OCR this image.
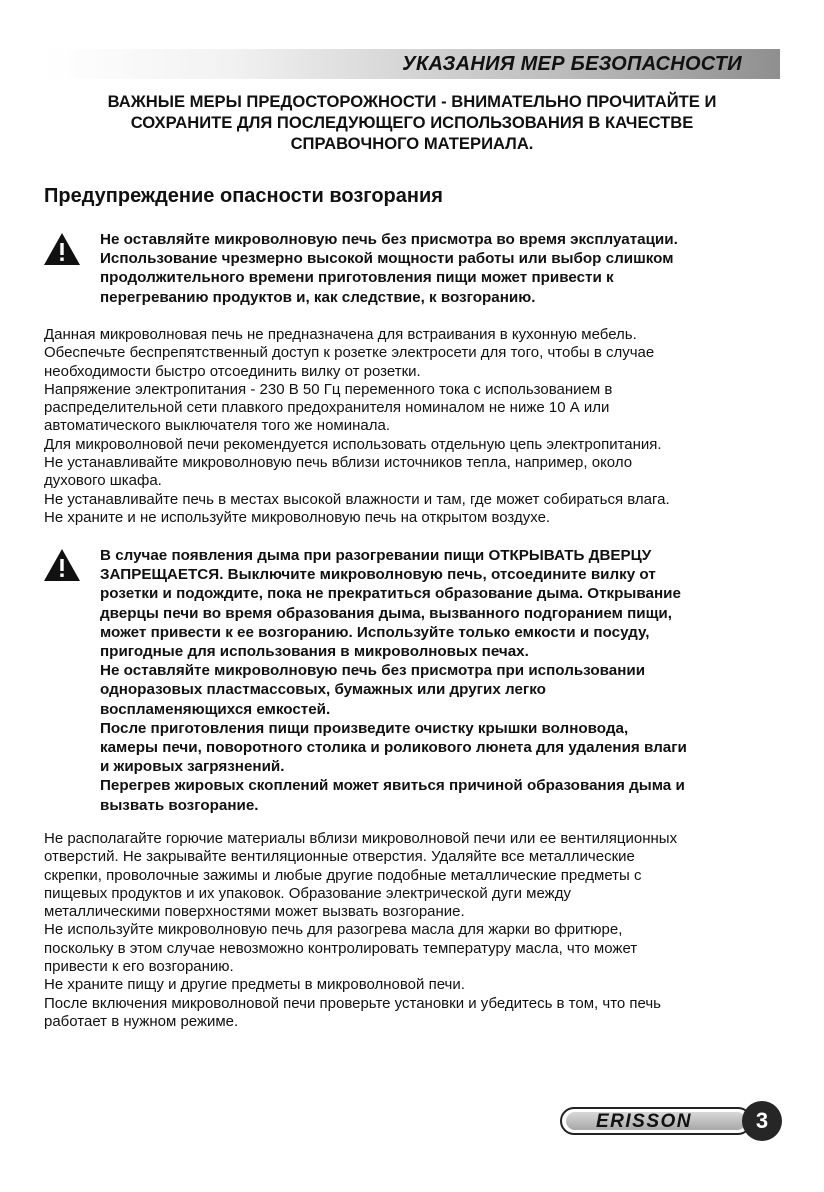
УКАЗАНИЯ МЕР БЕЗОПАСНОСТИ

ВАЖНЫЕ МЕРЫ ПРЕДОСТОРОЖНОСТИ - ВНИМАТЕЛЬНО ПРОЧИТАЙТЕ И

СОХРАНИТЕ ДЛЯ ПОСЛЕДУЮЩЕГО ИСПОЛЬЗОВАНИЯ В КАЧЕСТВЕ

СПРАВОЧНОГО МАТЕРИАЛА.

Предупреждение опасности возгорания

Не оставляйте микроволновую печь без присмотра во время эксплуатации.

Использование чрезмерно высокой мощности работы или выбор слишком

продолжительного времени приготовления пищи может привести к

перегреванию продуктов и, как следствие, к возгоранию.

Данная микроволновая печь не предназначена для встраивания в кухонную мебель.

Обеспечьте беспрепятственный доступ к розетке электросети для того, чтобы в случае

необходимости быстро отсоединить вилку от розетки.

Напряжение электропитания - 230 В 50 Гц переменного тока с использованием в

распределительной сети плавкого предохранителя номиналом не ниже 10 А или

автоматического выключателя того же номинала.

Для микроволновой печи рекомендуется использовать отдельную цепь электропитания.

Не устанавливайте микроволновую печь вблизи источников тепла, например, около

духового шкафа.

Не устанавливайте печь в местах высокой влажности и там, где может собираться влага.

Не храните и не используйте микроволновую печь на открытом воздухе.

В случае появления дыма при разогревании пищи ОТКРЫВАТЬ ДВЕРЦУ

ЗАПРЕЩАЕТСЯ. Выключите микроволновую печь, отсоедините вилку от

розетки и подождите, пока не прекратиться образование дыма. Открывание

дверцы печи во время образования дыма, вызванного подгоранием пищи,

может привести к ее возгоранию. Используйте только емкости и посуду,

пригодные для использования в микроволновых печах.

Не оставляйте микроволновую печь без присмотра при использовании

одноразовых пластмассовых, бумажных или других легко

воспламеняющихся емкостей.

После приготовления пищи произведите очистку крышки волновода,

камеры печи, поворотного столика и роликового люнета для удаления влаги

и жировых загрязнений.

Перегрев жировых скоплений может явиться причиной образования дыма и

вызвать возгорание.

Не располагайте горючие материалы вблизи микроволновой печи или ее вентиляционных

отверстий. Не закрывайте вентиляционные отверстия. Удаляйте все металлические

скрепки, проволочные зажимы и любые другие подобные металлические предметы с

пищевых продуктов и их упаковок. Образование электрической дуги между

металлическими поверхностями может вызвать возгорание.

Не используйте микроволновую печь для разогрева масла для жарки во фритюре,

поскольку в этом случае невозможно контролировать температуру масла, что может

привести к его возгоранию.

Не храните пищу и другие предметы в микроволновой печи.

После включения микроволновой печи проверьте установки и убедитесь в том, что печь

работает в нужном режиме.

ERISSON	3
